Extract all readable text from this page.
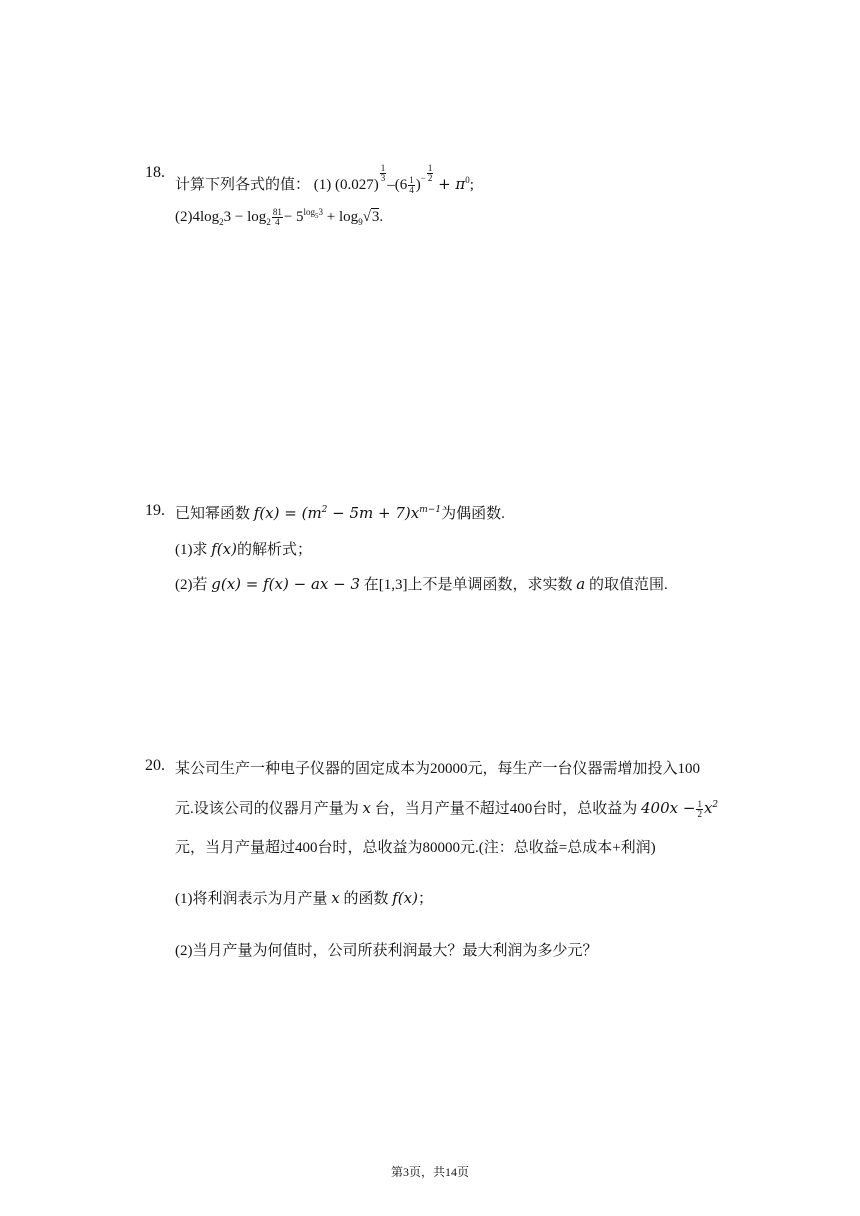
18.
计算下列各式的值： (1) (0.027)
$\frac{1}{3}$
$-(6 \frac{1}{4} )^- \frac{1}{2}$
+ $\pi^0$;
$(2)4\log_23 - \log_2 \frac{81}{4} - 5^{log_53} + \log_9√3$.
19. 已知幂函数 $f(x) = (m^2 - 5m + 7)x^{m-1}$为偶函数.
(1)求 f(x)的解析式；
(2)若 g(x) = f(x) − ax − 3 在[1,3]上不是单调函数，求实数 a 的取值范围.
20. 某公司生产一种电子仪器的固定成本为20000元，每生产一台仪器需增加投入100
元.设该公司的仪器月产量为 x 台，当月产量不超过400台时，总收益为 $400x - \frac{1}{2} x^2$
元，当月产量超过400台时，总收益为80000元.(注：总收益=总成本+利润)
(1)将利润表示为月产量 x 的函数 f(x)；
(2)当月产量为何值时，公司所获利润最大？最大利润为多少元？
第3页，共14页
